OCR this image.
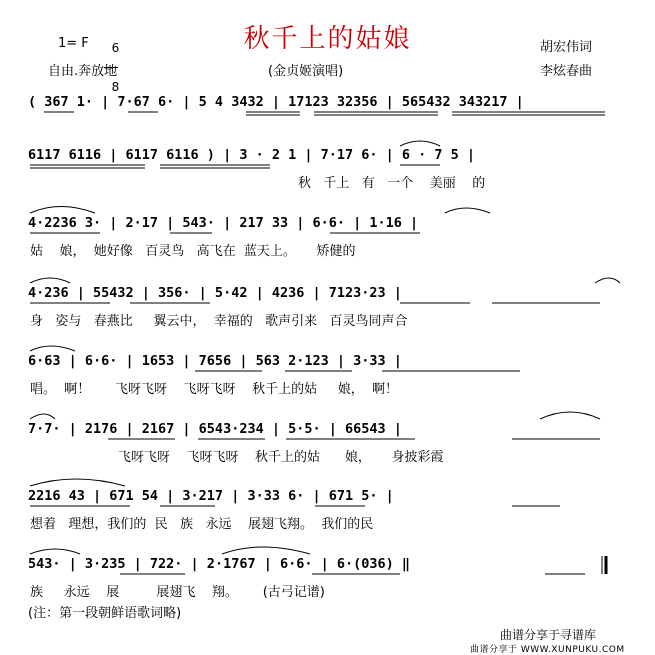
秋千上的姑娘
1= F	6

8

自由.奔放地	(金贞姬演唱)
胡宏伟词
李炫春曲
( 367 1· | 7·67 6· | 5 4 3432 | 17123 32356 | 565432 343217 |
6117 6116 | 6117 6116 ) | 3 · 2 1 | 7·17 6· | 6 · 7 5 |
秋   千上   有   一个    美丽    的
4·2236 3· | 2·17 | 543· | 217 33 | 6·6· | 1·16 |
姑    娘，  她好像   百灵鸟   高飞在  蓝天上。     矫健的
4·236 | 55432 | 356· | 5·42 | 4236 | 7123·23 |
身   姿与   春燕比     翼云中，  幸福的   歌声引来   百灵鸟同声合
6·63 | 6·6· | 1653 | 7656 | 563 2·123 | 3·33 |
唱。  啊！      飞呀飞呀    飞呀飞呀    秋千上的姑     娘，  啊！
7·7· | 2176 | 2167 | 6543·234 | 5·5· | 66543 |
飞呀飞呀    飞呀飞呀    秋千上的姑      娘，     身披彩霞
2216 43 | 671 54 | 3·217 | 3·33 6· | 671 5· |
想着   理想，我们的  民   族   永远    展翅飞翔。  我们的民
543· | 3·235 | 722· | 2·1767 | 6·6· | 6·(036) ‖
族     永远    展         展翅飞    翔。      (古弓记谱)
(注：第一段朝鲜语歌词略)
曲谱分享于寻谱库
曲谱分享于 WWW.XUNPUKU.COM
